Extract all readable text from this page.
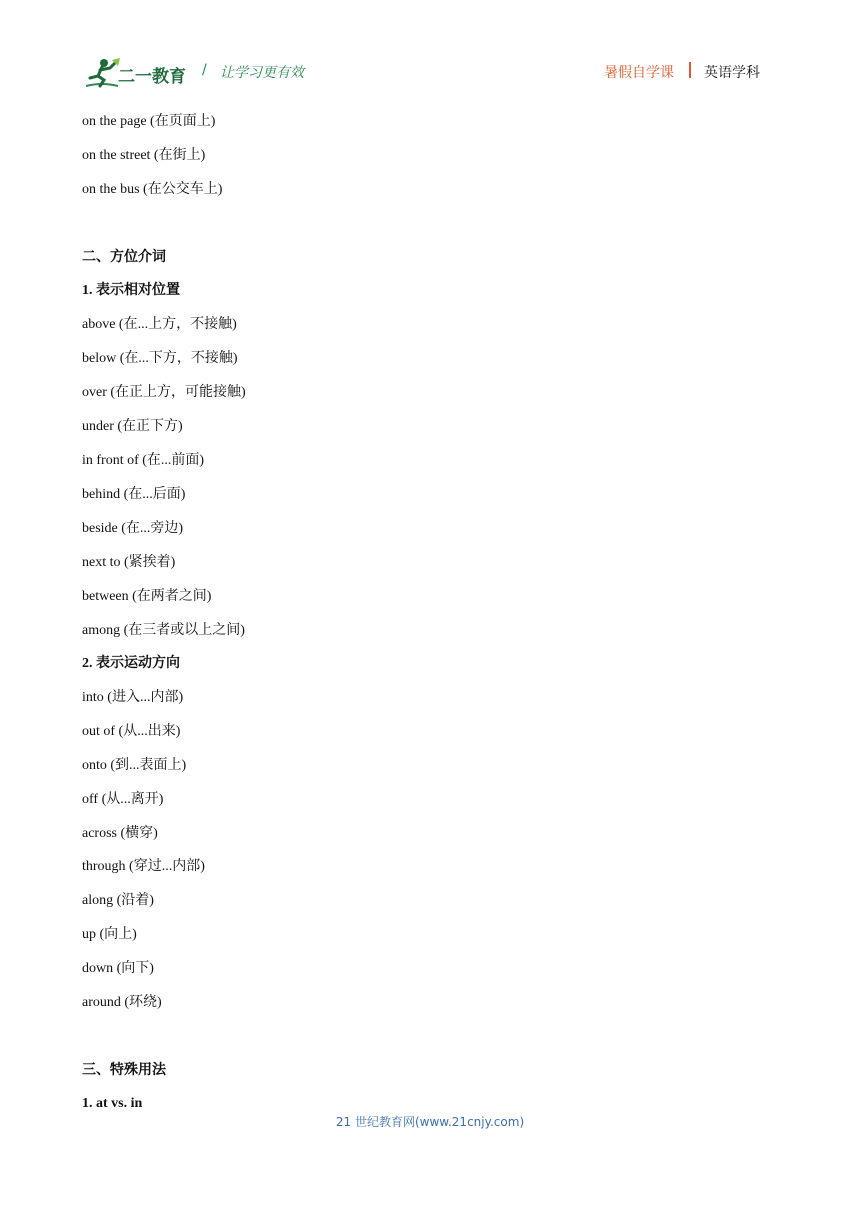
二一教育 / 让学习更有效	暑假自学课 英语学科
on the page (在页面上)
on the street (在街上)
on the bus (在公交车上)
二、方位介词
1. 表示相对位置
above (在...上方，不接触)
below (在...下方，不接触)
over (在正上方，可能接触)
under (在正下方)
in front of (在...前面)
behind (在...后面)
beside (在...旁边)
next to (紧挨着)
between (在两者之间)
among (在三者或以上之间)
2. 表示运动方向
into (进入...内部)
out of (从...出来)
onto (到...表面上)
off (从...离开)
across (横穿)
through (穿过...内部)
along (沿着)
up (向上)
down (向下)
around (环绕)
三、特殊用法
1. at vs. in
21 世纪教育网(www.21cnjy.com)
